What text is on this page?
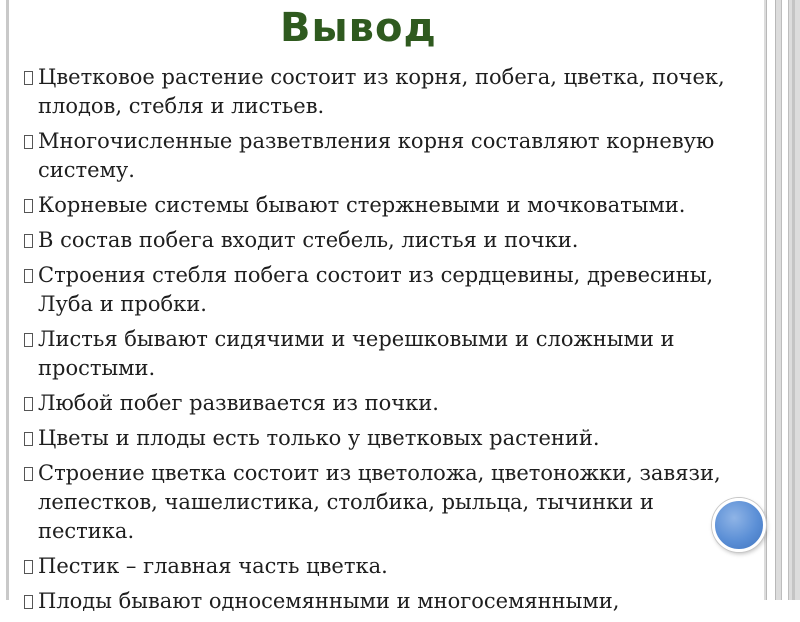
Вывод
Цветковое растение состоит из корня, побега, цветка, почек, плодов, стебля и листьев.
Многочисленные разветвления корня составляют корневую систему.
Корневые системы бывают стержневыми и мочковатыми.
В состав побега входит стебель, листья и почки.
Строения стебля побега состоит из сердцевины, древесины, Луба и пробки.
Листья бывают сидячими и черешковыми и сложными и простыми.
Любой побег развивается из почки.
Цветы и плоды есть только у цветковых растений.
Строение цветка состоит из цветоложа, цветоножки, завязи, лепестков, чашелистика, столбика, рыльца, тычинки и пестика.
Пестик – главная часть цветка.
Плоды бывают односемянными и многосемянными,
